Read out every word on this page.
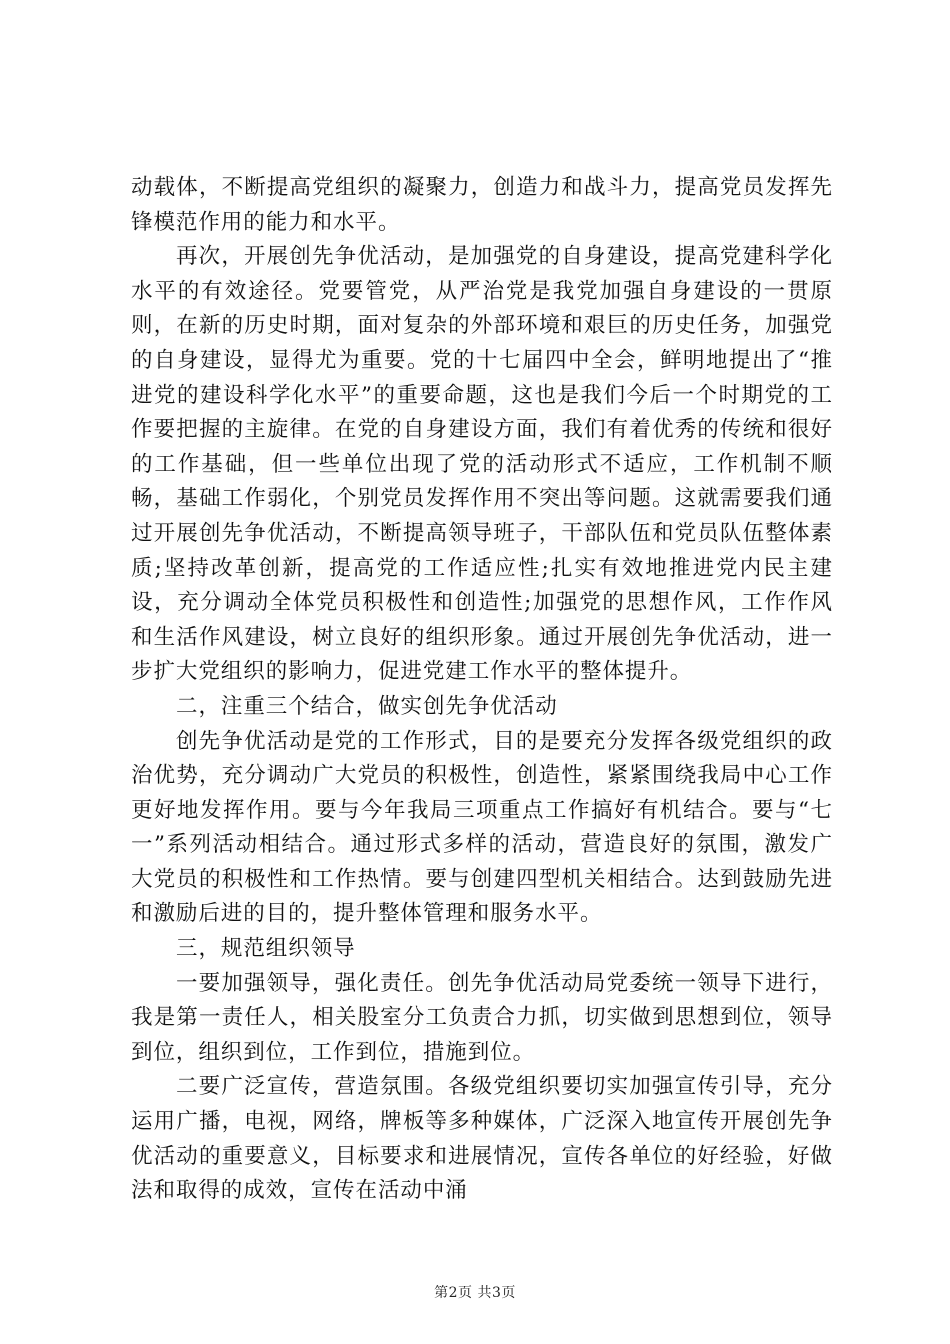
动载体，不断提高党组织的凝聚力，创造力和战斗力，提高党员发挥先锋模范作用的能力和水平。

再次，开展创先争优活动，是加强党的自身建设，提高党建科学化水平的有效途径。党要管党，从严治党是我党加强自身建设的一贯原则，在新的历史时期，面对复杂的外部环境和艰巨的历史任务，加强党的自身建设，显得尤为重要。党的十七届四中全会，鲜明地提出了“推进党的建设科学化水平”的重要命题，这也是我们今后一个时期党的工作要把握的主旋律。在党的自身建设方面，我们有着优秀的传统和很好的工作基础，但一些单位出现了党的活动形式不适应，工作机制不顺畅，基础工作弱化，个别党员发挥作用不突出等问题。这就需要我们通过开展创先争优活动，不断提高领导班子，干部队伍和党员队伍整体素质;坚持改革创新，提高党的工作适应性;扎实有效地推进党内民主建设，充分调动全体党员积极性和创造性;加强党的思想作风，工作作风和生活作风建设，树立良好的组织形象。通过开展创先争优活动，进一步扩大党组织的影响力，促进党建工作水平的整体提升。

二，注重三个结合，做实创先争优活动

创先争优活动是党的工作形式，目的是要充分发挥各级党组织的政治优势，充分调动广大党员的积极性，创造性，紧紧围绕我局中心工作更好地发挥作用。要与今年我局三项重点工作搞好有机结合。要与“七一”系列活动相结合。通过形式多样的活动，营造良好的氛围，激发广大党员的积极性和工作热情。要与创建四型机关相结合。达到鼓励先进和激励后进的目的，提升整体管理和服务水平。

三，规范组织领导

一要加强领导，强化责任。创先争优活动局党委统一领导下进行，我是第一责任人，相关股室分工负责合力抓，切实做到思想到位，领导到位，组织到位，工作到位，措施到位。

二要广泛宣传，营造氛围。各级党组织要切实加强宣传引导，充分运用广播，电视，网络，牌板等多种媒体，广泛深入地宣传开展创先争优活动的重要意义，目标要求和进展情况，宣传各单位的好经验，好做法和取得的成效，宣传在活动中涌

第2页 共3页
